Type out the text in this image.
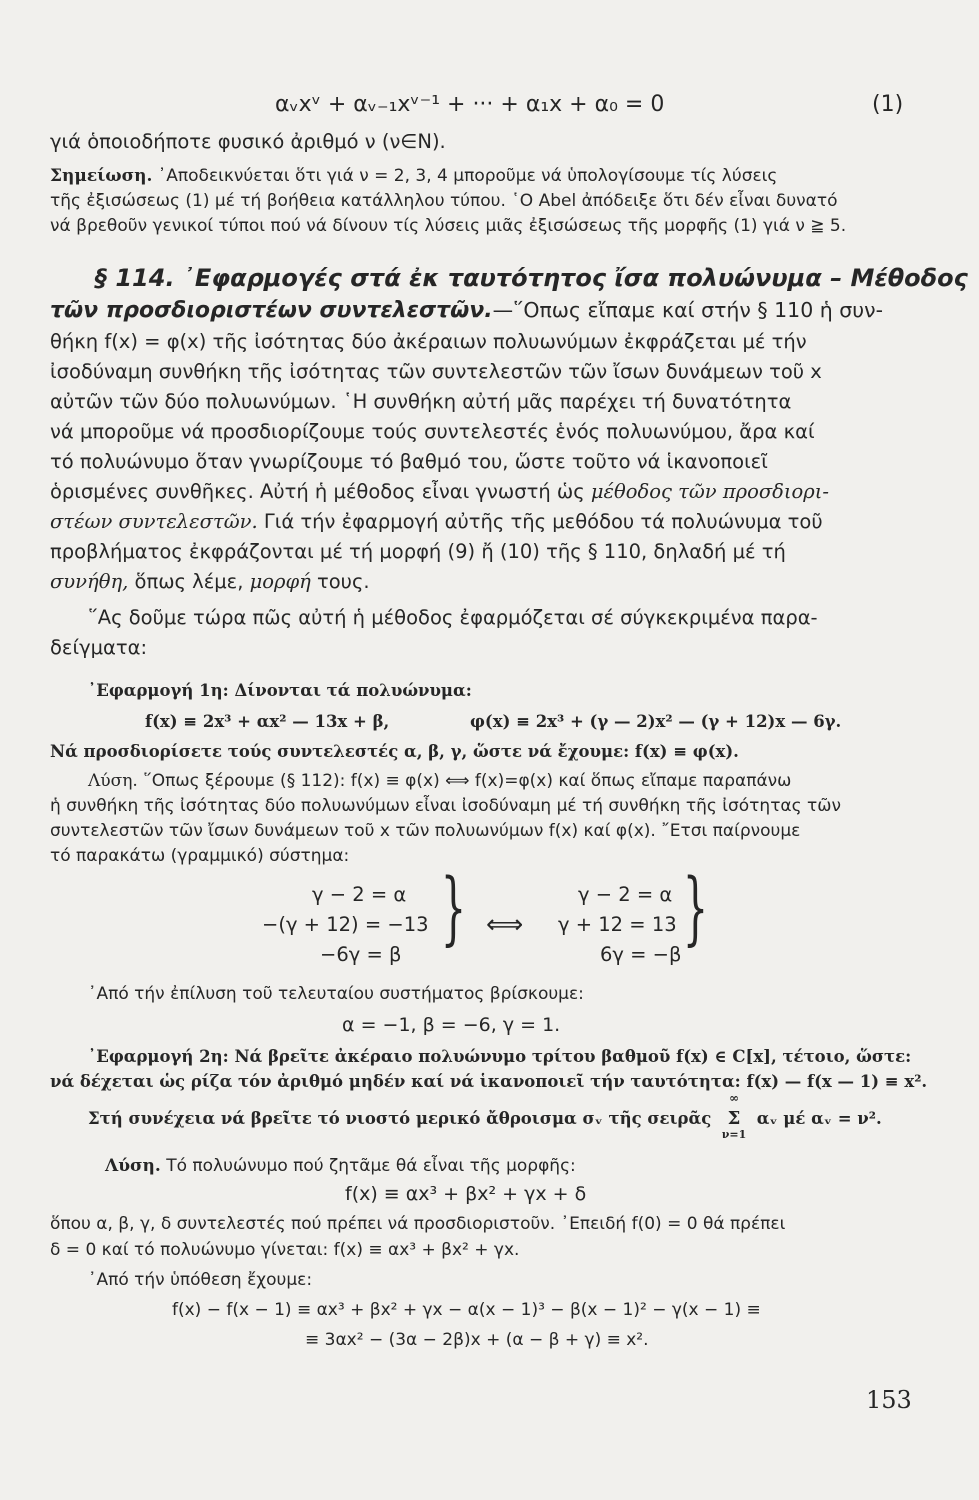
αᵥxᵛ + αᵥ₋₁xᵛ⁻¹ + ··· + α₁x + α₀ = 0	(1)
γιά ὁποιοδήποτε φυσικό ἀριθμό ν (ν∈N).
Σημείωση. ᾿Αποδεικνύεται ὅτι γιά ν = 2, 3, 4 μποροῦμε νά ὑπολογίσουμε τίς λύσεις
τῆς ἐξισώσεως (1) μέ τή βοήθεια κατάλληλου τύπου. ῾Ο Abel ἀπόδειξε ὅτι δέν εἶναι δυνατό
νά βρεθοῦν γενικοί τύποι πού νά δίνουν τίς λύσεις μιᾶς ἐξισώσεως τῆς μορφῆς (1) γιά ν ≧ 5.
§ 114. ᾿Εφαρμογές στά ἐκ ταυτότητος ἴσα πολυώνυμα – Μέθοδος
τῶν προσδιοριστέων συντελεστῶν.—῞Οπως εἴπαμε καί στήν § 110 ἡ συν-
θήκη f(x) = φ(x) τῆς ἰσότητας δύο ἀκέραιων πολυωνύμων ἐκφράζεται μέ τήν
ἰσοδύναμη συνθήκη τῆς ἰσότητας τῶν συντελεστῶν τῶν ἴσων δυνάμεων τοῦ x
αὐτῶν τῶν δύο πολυωνύμων. ῾Η συνθήκη αὐτή μᾶς παρέχει τή δυνατότητα
νά μποροῦμε νά προσδιορίζουμε τούς συντελεστές ἑνός πολυωνύμου, ἄρα καί
τό πολυώνυμο ὅταν γνωρίζουμε τό βαθμό του, ὥστε τοῦτο νά ἱκανοποιεῖ
ὁρισμένες συνθῆκες. Αὐτή ἡ μέθοδος εἶναι γνωστή ὡς μέθοδος τῶν προσδιορι-
στέων συντελεστῶν. Γιά τήν ἐφαρμογή αὐτῆς τῆς μεθόδου τά πολυώνυμα τοῦ
προβλήματος ἐκφράζονται μέ τή μορφή (9) ἤ (10) τῆς § 110, δηλαδή μέ τή
συνήθη, ὅπως λέμε, μορφή τους.
῞Ας δοῦμε τώρα πῶς αὐτή ἡ μέθοδος ἐφαρμόζεται σέ σύγκεκριμένα παρα-
δείγματα:
᾿Εφαρμογή 1η: Δίνονται τά πολυώνυμα:
f(x) ≡ 2x³ + αx² — 13x + β,	φ(x) ≡ 2x³ + (γ — 2)x² — (γ + 12)x — 6γ.
Νά προσδιορίσετε τούς συντελεστές α, β, γ, ὥστε νά ἔχουμε: f(x) ≡ φ(x).
Λύση. ῞Οπως ξέρουμε (§ 112): f(x) ≡ φ(x) ⟺ f(x)=φ(x) καί ὅπως εἴπαμε παραπάνω
ἡ συνθήκη τῆς ἰσότητας δύο πολυωνύμων εἶναι ἰσοδύναμη μέ τή συνθήκη τῆς ἰσότητας τῶν
συντελεστῶν τῶν ἴσων δυνάμεων τοῦ x τῶν πολυωνύμων f(x) καί φ(x). ῎Ετσι παίρνουμε
τό παρακάτω (γραμμικό) σύστημα:
γ − 2 = α
−(γ + 12) = −13
−6γ = β
} ⟺
γ − 2 = α
γ + 12 = 13
6γ = −β
}
᾿Από τήν ἐπίλυση τοῦ τελευταίου συστήματος βρίσκουμε:
α = −1, β = −6, γ = 1.
᾿Εφαρμογή 2η: Νά βρεῖτε ἀκέραιο πολυώνυμο τρίτου βαθμοῦ f(x) ∈ C[x], τέτοιο, ὥστε:
νά δέχεται ὡς ρίζα τόν ἀριθμό μηδέν καί νά ἱκανοποιεῖ τήν ταυτότητα: f(x) — f(x — 1) ≡ x².
Στή συνέχεια νά βρεῖτε τό νιοστό μερικό ἄθροισμα σᵥ τῆς σειρᾶς
∞
Σ
ν=1
αᵥ μέ αᵥ = ν².
Λύση. Τό πολυώνυμο πού ζητᾶμε θά εἶναι τῆς μορφῆς:
f(x) ≡ αx³ + βx² + γx + δ
ὅπου α, β, γ, δ συντελεστές πού πρέπει νά προσδιοριστοῦν. ᾿Επειδή f(0) = 0 θά πρέπει
δ = 0 καί τό πολυώνυμο γίνεται: f(x) ≡ αx³ + βx² + γx.
᾿Από τήν ὑπόθεση ἔχουμε:
f(x) − f(x − 1) ≡ αx³ + βx² + γx − α(x − 1)³ − β(x − 1)² − γ(x − 1) ≡
≡ 3αx² − (3α − 2β)x + (α − β + γ) ≡ x².
153
